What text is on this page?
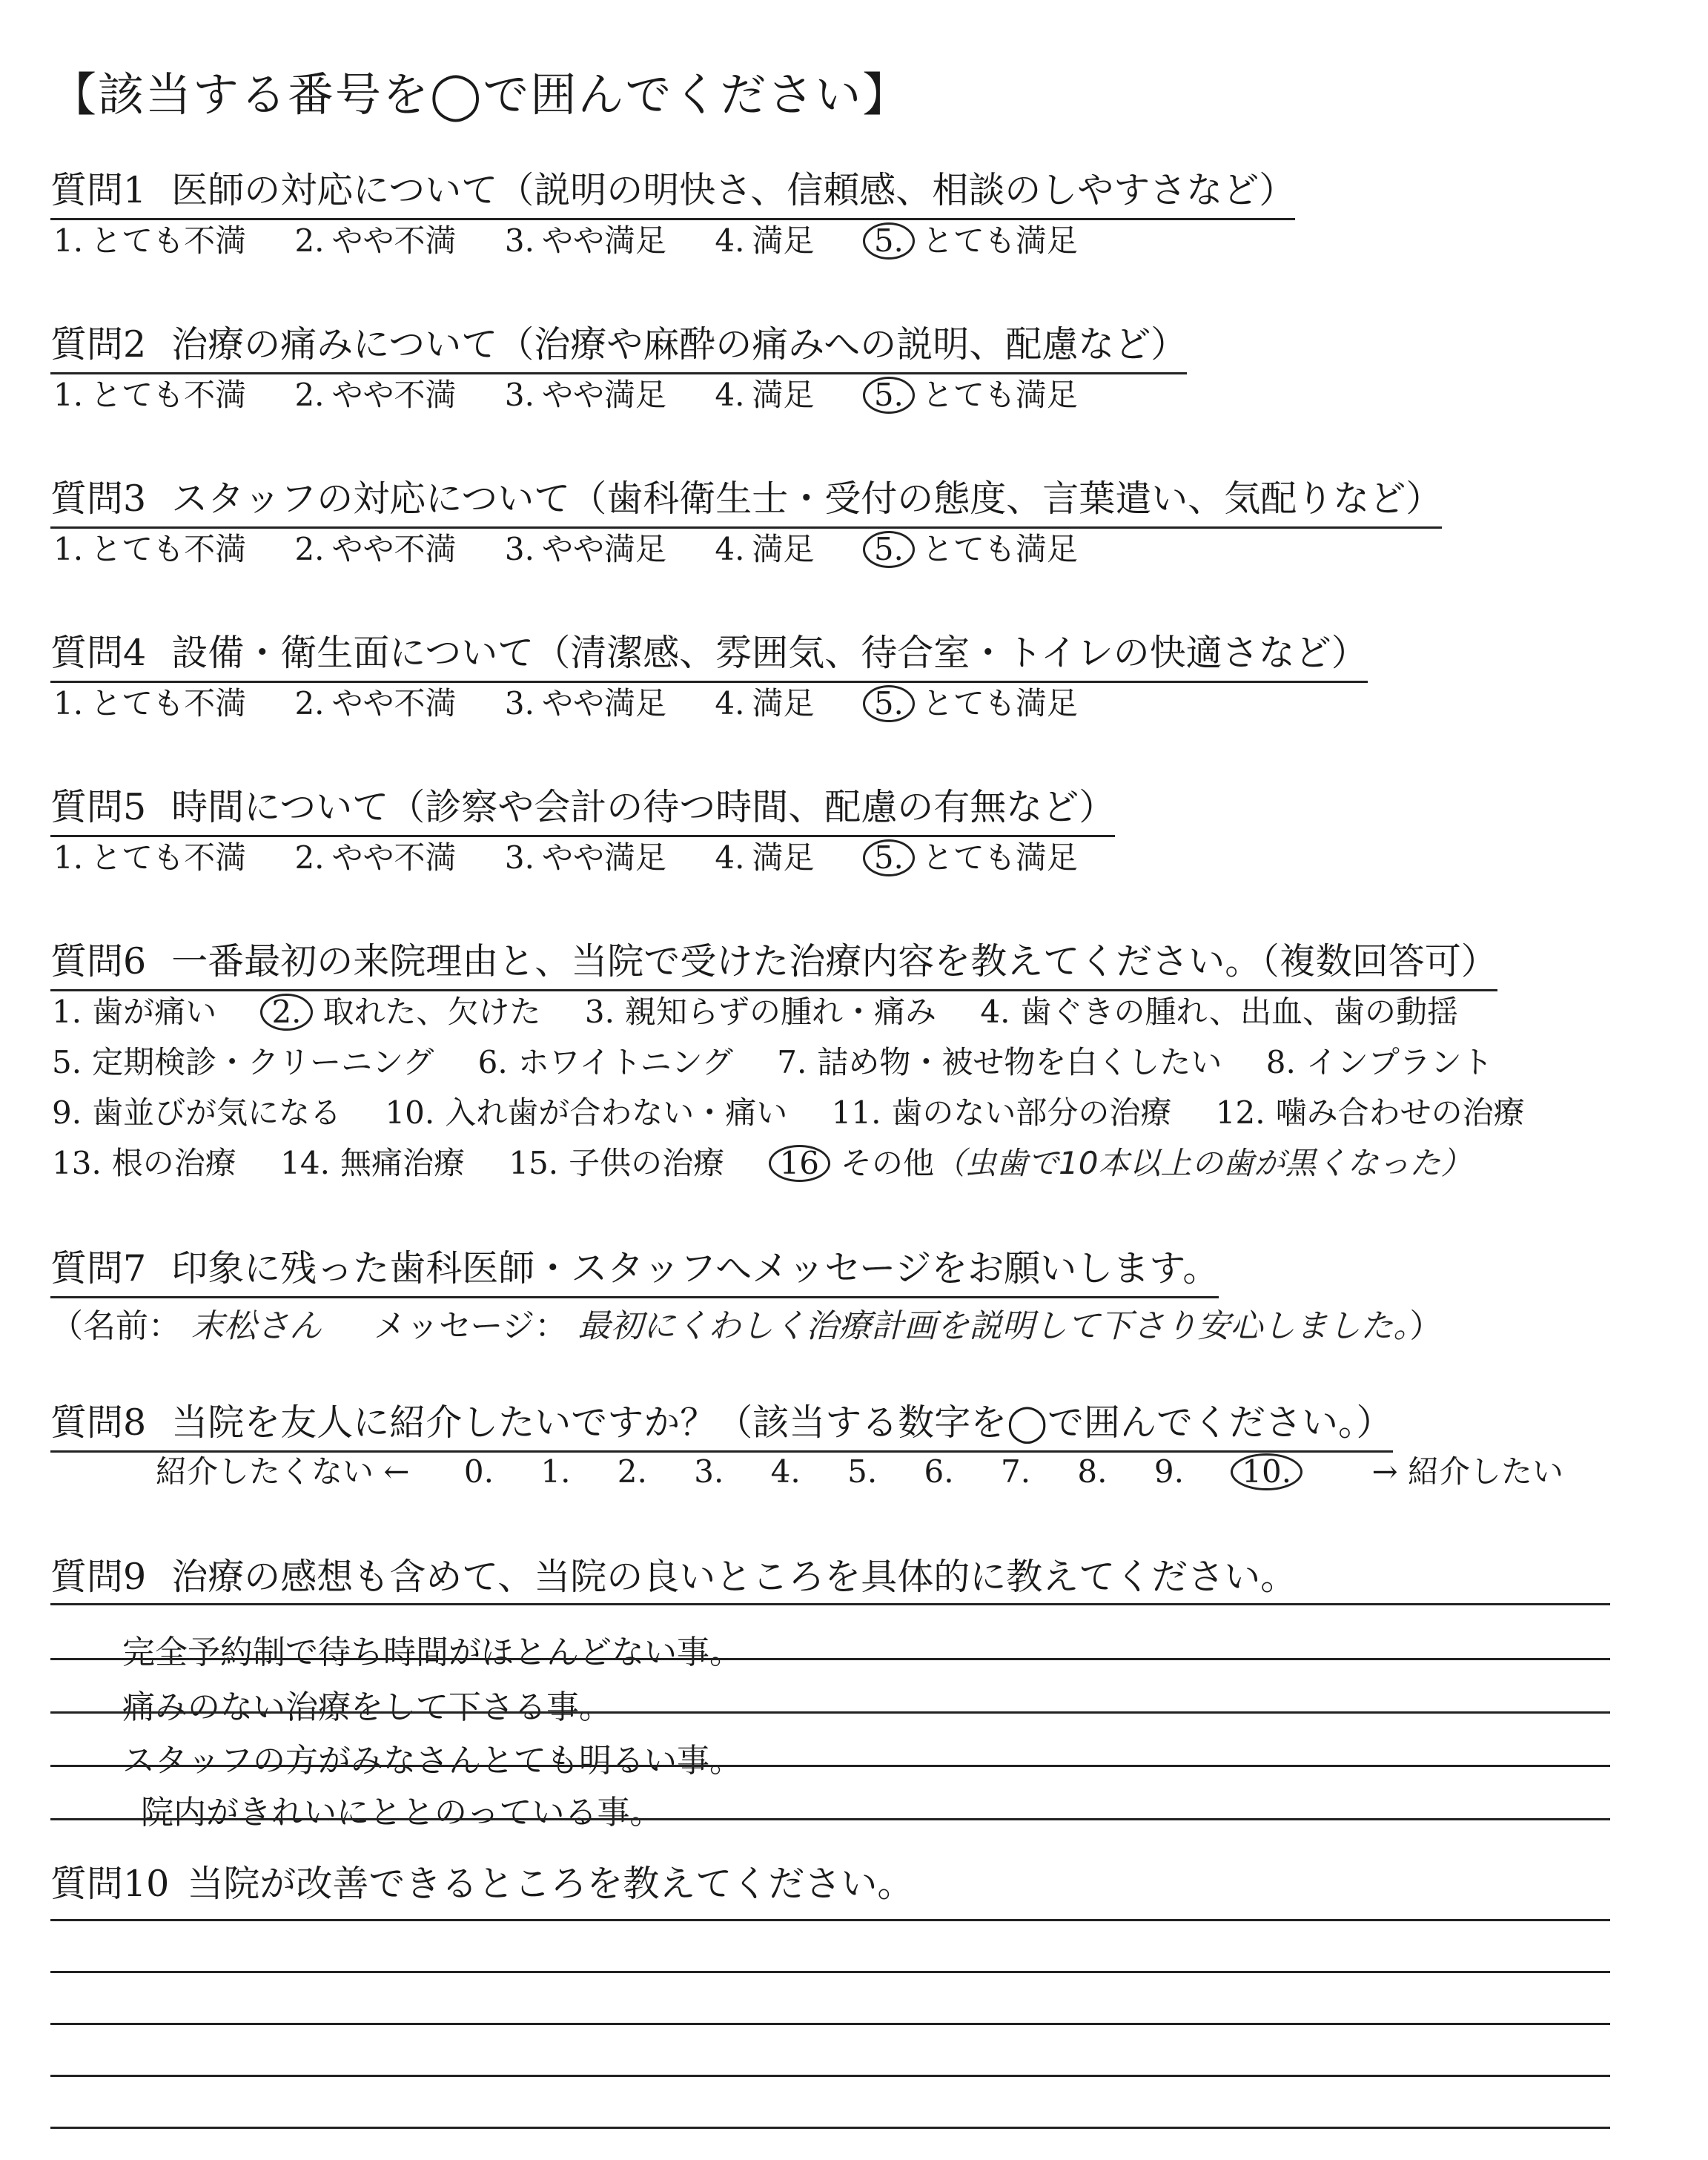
【該当する番号を◯で囲んでください】
質問1 医師の対応について（説明の明快さ、信頼感、相談のしやすさなど）
1. とても不満 2. やや不満 3. やや満足 4. 満足 5. とても満足
質問2 治療の痛みについて（治療や麻酔の痛みへの説明、配慮など）
1. とても不満 2. やや不満 3. やや満足 4. 満足 5. とても満足
質問3 スタッフの対応について（歯科衛生士・受付の態度、言葉遣い、気配りなど）
1. とても不満 2. やや不満 3. やや満足 4. 満足 5. とても満足
質問4 設備・衛生面について（清潔感、雰囲気、待合室・トイレの快適さなど）
1. とても不満 2. やや不満 3. やや満足 4. 満足 5. とても満足
質問5 時間について（診察や会計の待つ時間、配慮の有無など）
1. とても不満 2. やや不満 3. やや満足 4. 満足 5. とても満足
質問6 一番最初の来院理由と、当院で受けた治療内容を教えてください。（複数回答可）
1. 歯が痛い 2. 取れた、欠けた 3. 親知らずの腫れ・痛み 4. 歯ぐきの腫れ、出血、歯の動揺
5. 定期検診・クリーニング 6. ホワイトニング 7. 詰め物・被せ物を白くしたい 8. インプラント
9. 歯並びが気になる 10. 入れ歯が合わない・痛い 11. 歯のない部分の治療 12. 噛み合わせの治療
13. 根の治療 14. 無痛治療 15. 子供の治療 16 その他（虫歯で10本以上の歯が黒くなった）
質問7 印象に残った歯科医師・スタッフへメッセージをお願いします。
（名前： 末松さん メッセージ： 最初にくわしく治療計画を説明して下さり安心しました。）
質問8 当院を友人に紹介したいですか？（該当する数字を◯で囲んでください。）
紹介したくない ← 0. 1. 2. 3. 4. 5. 6. 7. 8. 9. 10.	→ 紹介したい
質問9 治療の感想も含めて、当院の良いところを具体的に教えてください。
完全予約制で待ち時間がほとんどない事。
痛みのない治療をして下さる事。
スタッフの方がみなさんとても明るい事。
院内がきれいにととのっている事。
質問10 当院が改善できるところを教えてください。
